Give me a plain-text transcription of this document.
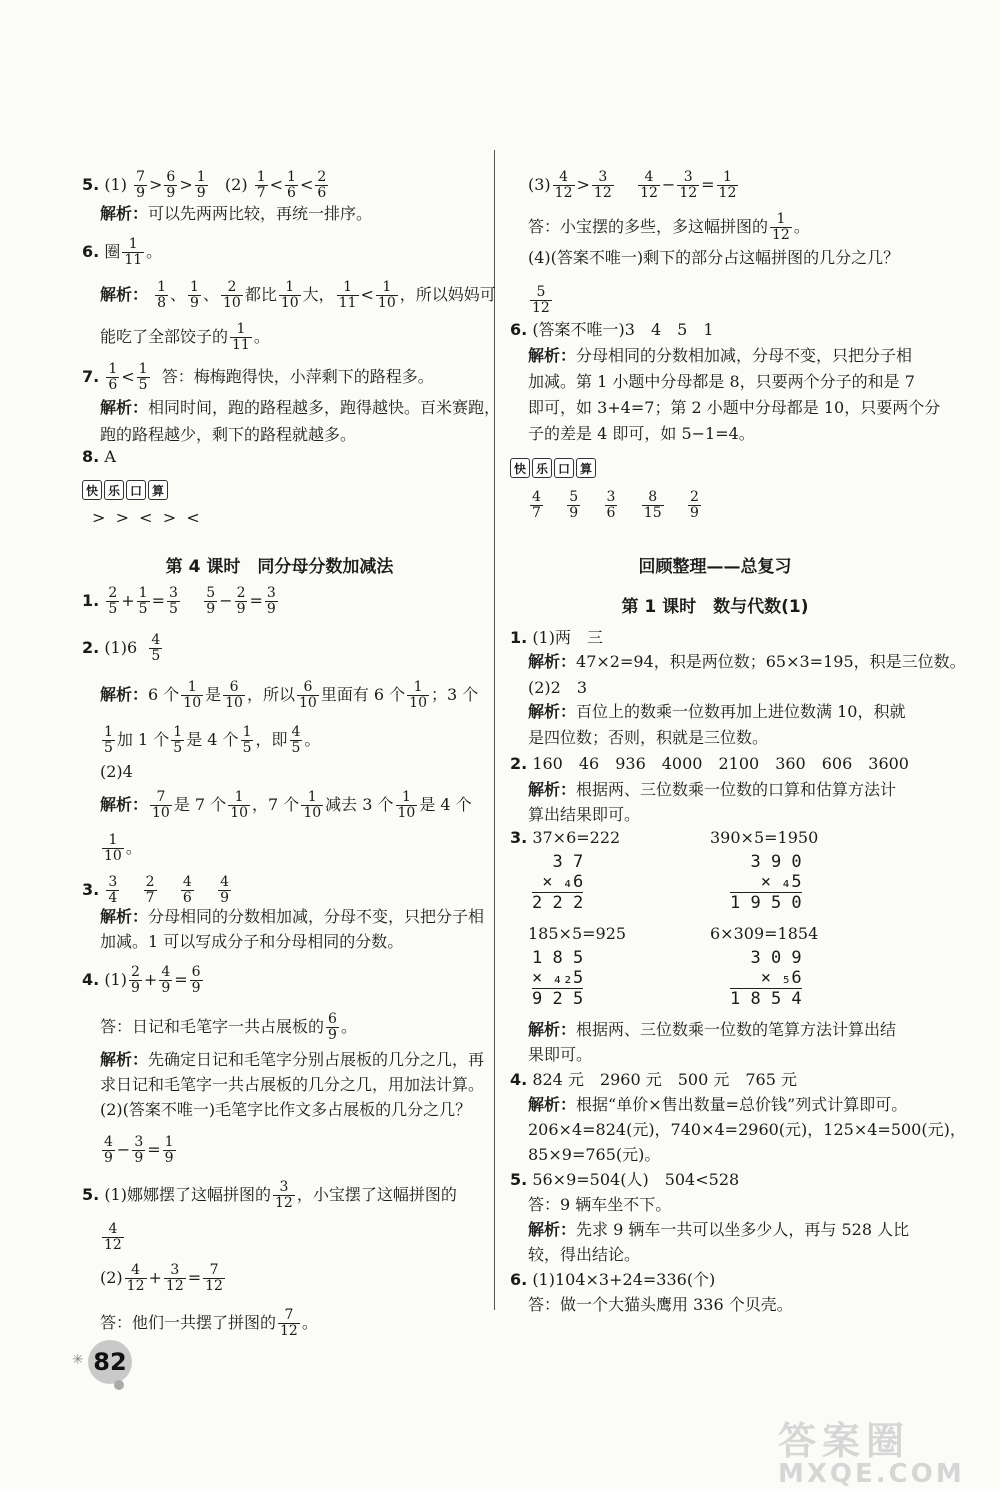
5. $(1) \frac{7}{9} > \frac{6}{9} > \frac{1}{9} (2) \frac{1}{7} < \frac{1}{6} < \frac{2}{6}$
解析：可以先两两比较，再统一排序。
6. 圈 $\frac{1}{11}$ 。
解析： $\frac{1}{8}$ 、 $\frac{1}{9}$ 、 $\frac{2}{10}$ 都比 $\frac{1}{10}$ 大， $\frac{1}{11} < \frac{1}{10}$ ，所以妈妈可
能吃了全部饺子的 $\frac{1}{11}$ 。
7. $\frac{1}{6} < \frac{1}{5}$ 答：梅梅跑得快，小萍剩下的路程多。
解析：相同时间，跑的路程越多，跑得越快。百米赛跑，
跑的路程越少，剩下的路程就越多。
8. A
快 乐 口 算
>  >  <  >  <
第 4 课时　同分母分数加减法
1. $\frac{2}{5} + \frac{1}{5} = \frac{3}{5}$
$\frac{5}{9} - \frac{2}{9} = \frac{3}{9}$
2. $(1)6 \frac{4}{5}$
解析：6 个 $\frac{1}{10}$ 是 $\frac{6}{10}$ ，所以 $\frac{6}{10}$ 里面有 6 个 $\frac{1}{10}$ ；3 个
$\frac{1}{5}$ 加 1 个 $\frac{1}{5}$ 是 4 个 $\frac{1}{5}$ ，即 $\frac{4}{5}$ 。
(2)4
解析： $\frac{7}{10}$ 是 7 个 $\frac{1}{10}$ ，7 个 $\frac{1}{10}$ 减去 3 个 $\frac{1}{10}$ 是 4 个
$\frac{1}{10}$ 。
3. $\frac{3}{4}$
$\frac{2}{7}$
$\frac{4}{6}$
$\frac{4}{9}$
解析：分母相同的分数相加减，分母不变，只把分子相
加减。1 可以写成分子和分母相同的分数。
4. $(1) \frac{2}{9} + \frac{4}{9} = \frac{6}{9}$
答：日记和毛笔字一共占展板的 $\frac{6}{9}$ 。
解析：先确定日记和毛笔字分别占展板的几分之几，再
求日记和毛笔字一共占展板的几分之几，用加法计算。
(2)(答案不唯一)毛笔字比作文多占展板的几分之几？
$\frac{4}{9} - \frac{3}{9} = \frac{1}{9}$
5. (1)娜娜摆了这幅拼图的 $\frac{3}{12}$ ，小宝摆了这幅拼图的
$\frac{4}{12}$
$(2) \frac{4}{12} + \frac{3}{12} = \frac{7}{12}$
答：他们一共摆了拼图的 $\frac{7}{12}$ 。
$(3) \frac{4}{12} > \frac{3}{12}$
$\frac{4}{12} - \frac{3}{12} = \frac{1}{12}$
答：小宝摆的多些，多这幅拼图的 $\frac{1}{12}$ 。
(4)(答案不唯一)剩下的部分占这幅拼图的几分之几？
$\frac{5}{12}$
6. (答案不唯一)3　4　5　1
解析：分母相同的分数相加减，分母不变，只把分子相
加减。第 1 小题中分母都是 8，只要两个分子的和是 7
即可，如 3+4=7；第 2 小题中分母都是 10，只要两个分
子的差是 4 即可，如 5−1=4。
快 乐 口 算
$\frac{4}{7}$
$\frac{5}{9}$
$\frac{3}{6}$
$\frac{8}{15}$
$\frac{2}{9}$
回顾整理——总复习
第 1 课时　数与代数(1)
1. (1)两　三
解析：47×2=94，积是两位数；65×3=195，积是三位数。
(2)2　3
解析：百位上的数乘一位数再加上进位数满 10，积就
是四位数；否则，积就是三位数。
2. 160　46　936　4000　2100　360　606　3600
解析：根据两、三位数乘一位数的口算和估算方法计
算出结果即可。
3. 37×6=222	390×5=1950
3 7
× ₄6
2 2 2
3 9 0
× ₄5
1 9 5 0
185×5=925	6×309=1854
1 8 5
× ₄₂5
9 2 5
3 0 9
× ₅6
1 8 5 4
解析：根据两、三位数乘一位数的笔算方法计算出结
果即可。
4. 824 元　2960 元　500 元　765 元
解析：根据“单价×售出数量=总价钱”列式计算即可。
206×4=824(元)，740×4=2960(元)，125×4=500(元)，
85×9=765(元)。
5. 56×9=504(人)　504<528
答：9 辆车坐不下。
解析：先求 9 辆车一共可以坐多少人，再与 528 人比
较，得出结论。
6. (1)104×3+24=336(个)
答：做一个大猫头鹰用 336 个贝壳。
✳ 82
答案圈
MXQE.COM
